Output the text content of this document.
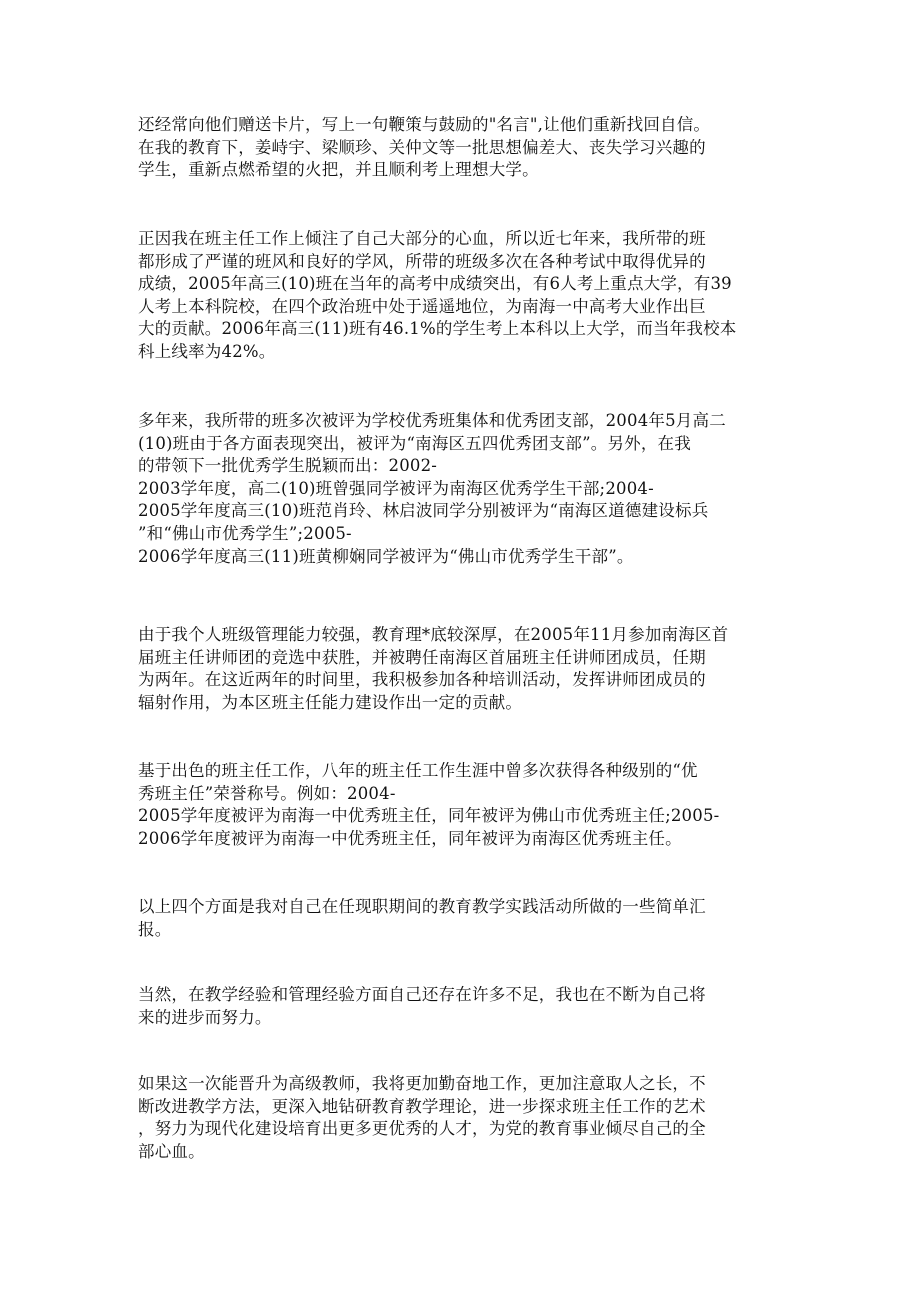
还经常向他们赠送卡片，写上一句鞭策与鼓励的"名言",让他们重新找回自信。
在我的教育下，姜峙宇、梁顺珍、关仲文等一批思想偏差大、丧失学习兴趣的
学生，重新点燃希望的火把，并且顺利考上理想大学。
正因我在班主任工作上倾注了自己大部分的心血，所以近七年来，我所带的班
都形成了严谨的班风和良好的学风，所带的班级多次在各种考试中取得优异的
成绩，2005年高三(10)班在当年的高考中成绩突出，有6人考上重点大学，有39
人考上本科院校，在四个政治班中处于遥遥地位，为南海一中高考大业作出巨
大的贡献。2006年高三(11)班有46.1%的学生考上本科以上大学，而当年我校本
科上线率为42%。
多年来，我所带的班多次被评为学校优秀班集体和优秀团支部，2004年5月高二
(10)班由于各方面表现突出，被评为“南海区五四优秀团支部”。另外，在我
的带领下一批优秀学生脱颖而出：2002-
2003学年度，高二(10)班曾强同学被评为南海区优秀学生干部;2004-
2005学年度高三(10)班范肖玲、林启波同学分别被评为“南海区道德建设标兵
”和“佛山市优秀学生”;2005-
2006学年度高三(11)班黄柳娴同学被评为“佛山市优秀学生干部”。
由于我个人班级管理能力较强，教育理*底较深厚，在2005年11月参加南海区首
届班主任讲师团的竞选中获胜，并被聘任南海区首届班主任讲师团成员，任期
为两年。在这近两年的时间里，我积极参加各种培训活动，发挥讲师团成员的
辐射作用，为本区班主任能力建设作出一定的贡献。
基于出色的班主任工作，八年的班主任工作生涯中曾多次获得各种级别的“优
秀班主任”荣誉称号。例如：2004-
2005学年度被评为南海一中优秀班主任，同年被评为佛山市优秀班主任;2005-
2006学年度被评为南海一中优秀班主任，同年被评为南海区优秀班主任。
以上四个方面是我对自己在任现职期间的教育教学实践活动所做的一些简单汇
报。
当然，在教学经验和管理经验方面自己还存在许多不足，我也在不断为自己将
来的进步而努力。
如果这一次能晋升为高级教师，我将更加勤奋地工作，更加注意取人之长，不
断改进教学方法，更深入地钻研教育教学理论，进一步探求班主任工作的艺术
，努力为现代化建设培育出更多更优秀的人才，为党的教育事业倾尽自己的全
部心血。
